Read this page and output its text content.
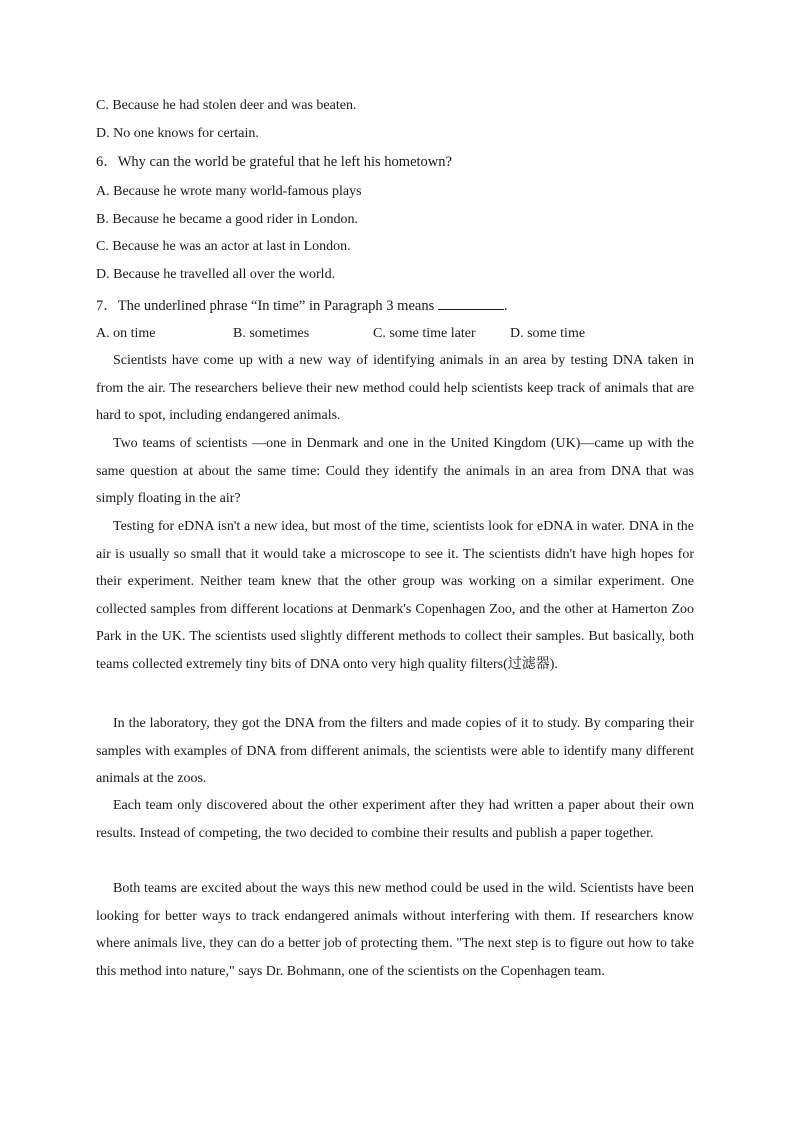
C. Because he had stolen deer and was beaten.
D. No one knows for certain.
6．Why can the world be grateful that he left his hometown?
A. Because he wrote many world-famous plays
B. Because he became a good rider in London.
C. Because he was an actor at last in London.
D. Because he travelled all over the world.
7．The underlined phrase “In time” in Paragraph 3 means	.
A. on time	B. sometimes	C. some time later D. some time

Scientists have come up with a new way of identifying animals in an area by testing DNA taken in from the air. The researchers believe their new method could help scientists keep track of animals that are hard to spot, including endangered animals.

Two teams of scientists —one in Denmark and one in the United Kingdom (UK)—came up with the same question at about the same time: Could they identify the animals in an area from DNA that was simply floating in the air?

Testing for eDNA isn't a new idea, but most of the time, scientists look for eDNA in water. DNA in the air is usually so small that it would take a microscope to see it. The scientists didn't have high hopes for their experiment. Neither team knew that the other group was working on a similar experiment. One collected samples from different locations at Denmark's Copenhagen Zoo, and the other at Hamerton Zoo Park in the UK. The scientists used slightly different methods to collect their samples. But basically, both teams collected extremely tiny bits of DNA onto very high quality filters(过滤器).

In the laboratory, they got the DNA from the filters and made copies of it to study. By comparing their samples with examples of DNA from different animals, the scientists were able to identify many different animals at the zoos.

Each team only discovered about the other experiment after they had written a paper about their own results. Instead of competing, the two decided to combine their results and publish a paper together.

Both teams are excited about the ways this new method could be used in the wild. Scientists have been looking for better ways to track endangered animals without interfering with them. If researchers know where animals live, they can do a better job of protecting them. "The next step is to figure out how to take this method into nature," says Dr. Bohmann, one of the scientists on the Copenhagen team.
